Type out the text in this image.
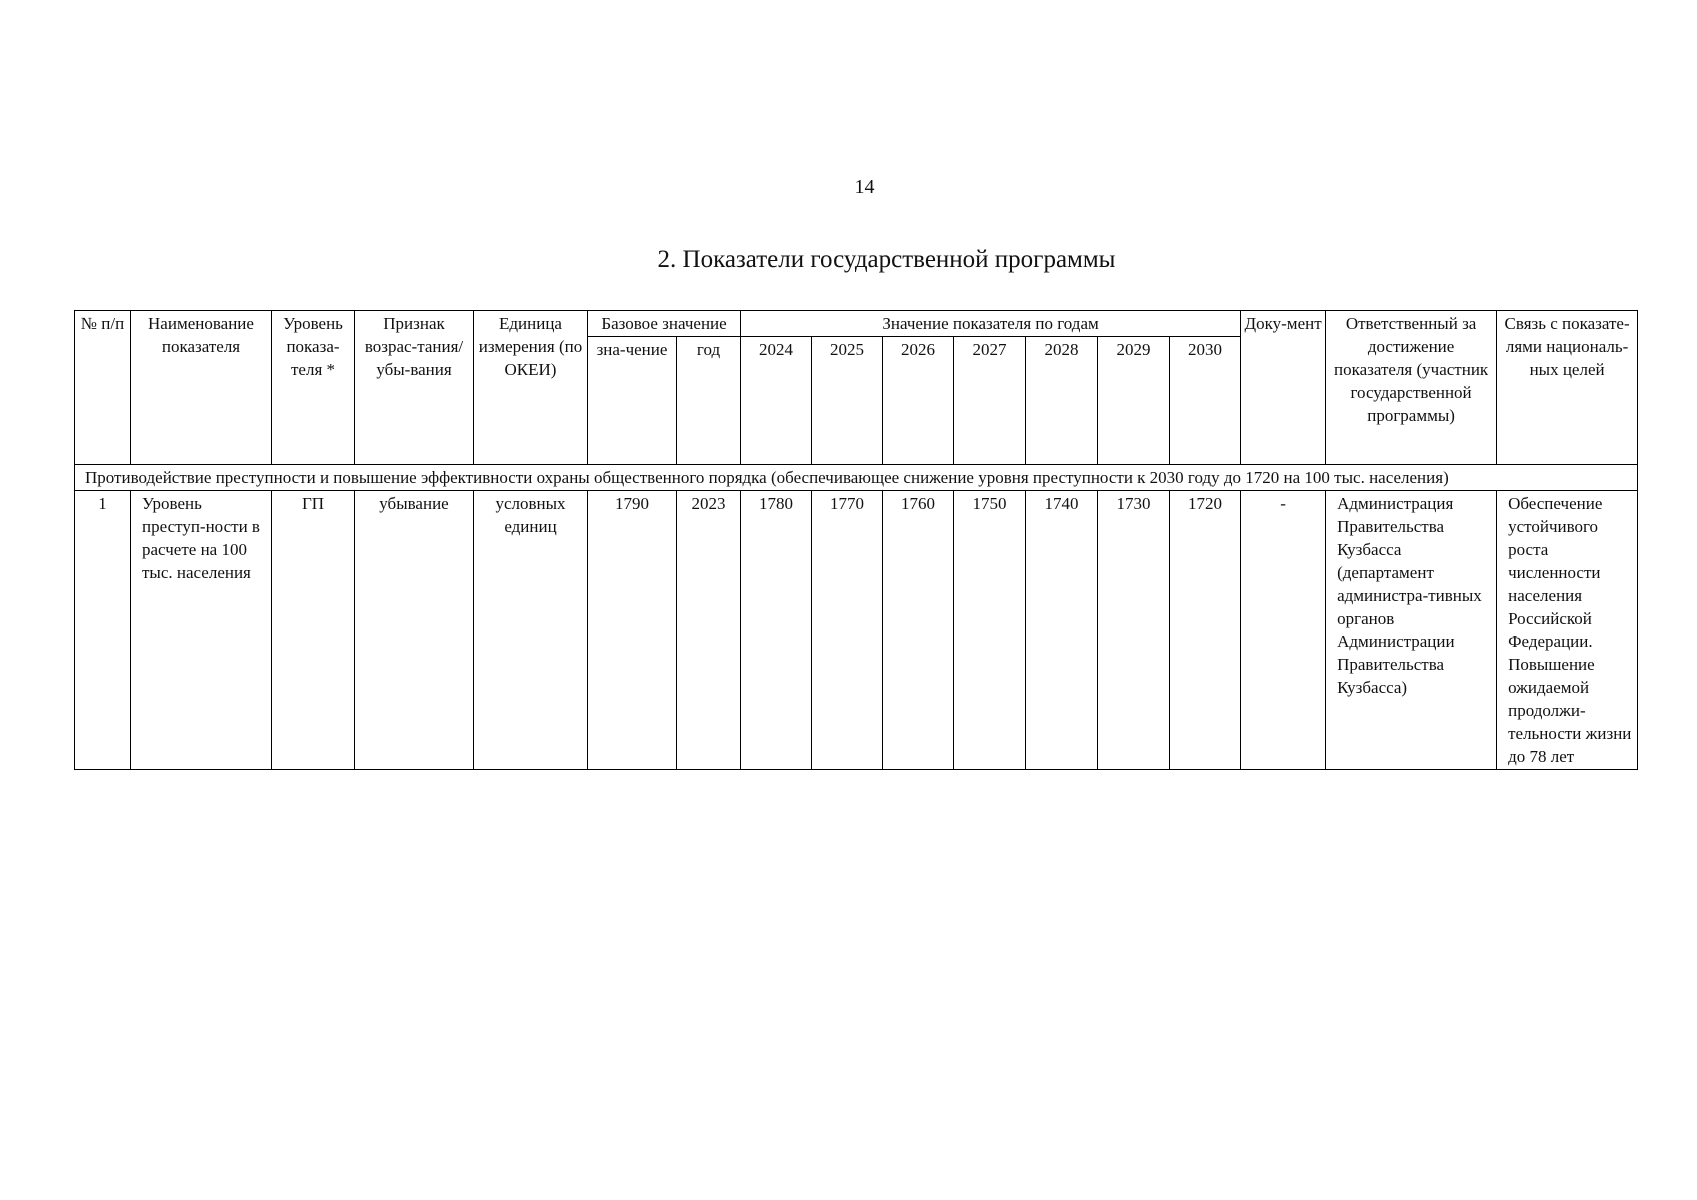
14
2. Показатели государственной программы
№ п/п	Наименование показателя	Уровень показа-теля *	Признак возрас-тания/ убы-вания	Единица измерения (по ОКЕИ)	Базовое значение		Значение показателя по годам							Доку-мент	Ответственный за достижение показателя (участник государственной программы)	Связь с показате-лями националь-ных целей
					зна-чение	год	2024	2025	2026	2027	2028	2029	2030			
Противодействие преступности и повышение эффективности охраны общественного порядка (обеспечивающее снижение уровня преступности к 2030 году до 1720 на 100 тыс. населения)																
1	Уровень преступ-ности в расчете на 100 тыс. населения	ГП	убывание	условных единиц	1790	2023	1780	1770	1760	1750	1740	1730	1720	-	Администрация Правительства Кузбасса (департамент администра-тивных органов Администрации Правительства Кузбасса)	Обеспечение устойчивого роста численности населения Российской Федерации. Повышение ожидаемой продолжи-тельности жизни до 78 лет
